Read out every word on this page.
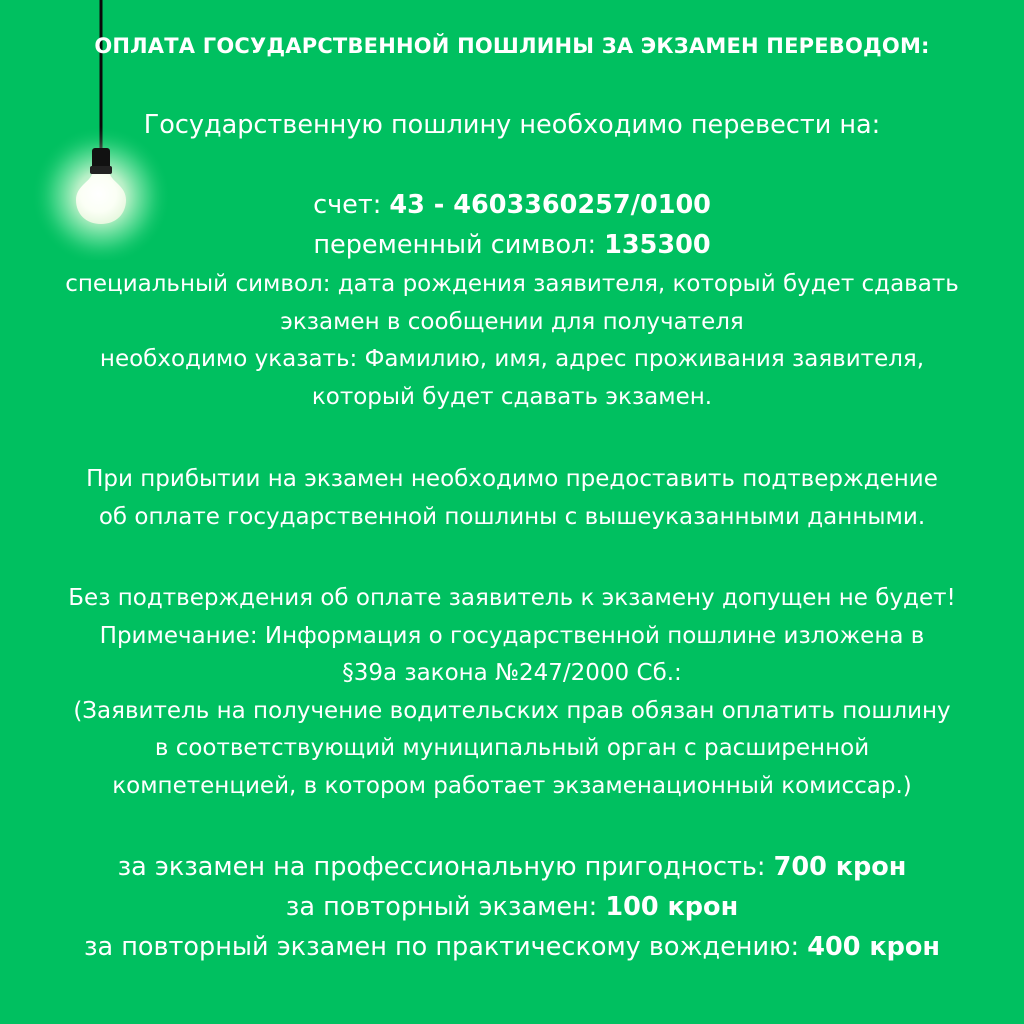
ОПЛАТА ГОСУДАРСТВЕННОЙ ПОШЛИНЫ ЗА ЭКЗАМЕН ПЕРЕВОДОМ:
Государственную пошлину необходимо перевести на:
счет: 43 - 4603360257/0100
переменный символ: 135300
специальный символ: дата рождения заявителя, который будет сдавать
экзамен в сообщении для получателя
необходимо указать: Фамилию, имя, адрес проживания заявителя,
который будет сдавать экзамен.
При прибытии на экзамен необходимо предоставить подтверждение
об оплате государственной пошлины с вышеуказанными данными.
Без подтверждения об оплате заявитель к экзамену допущен не будет!
Примечание: Информация о государственной пошлине изложена в
§39а закона №247/2000 Сб.:
(Заявитель на получение водительских прав обязан оплатить пошлину
в соответствующий муниципальный орган с расширенной
компетенцией, в котором работает экзаменационный комиссар.)
за экзамен на профессиональную пригодность: 700 крон
за повторный экзамен: 100 крон
за повторный экзамен по практическому вождению: 400 крон
